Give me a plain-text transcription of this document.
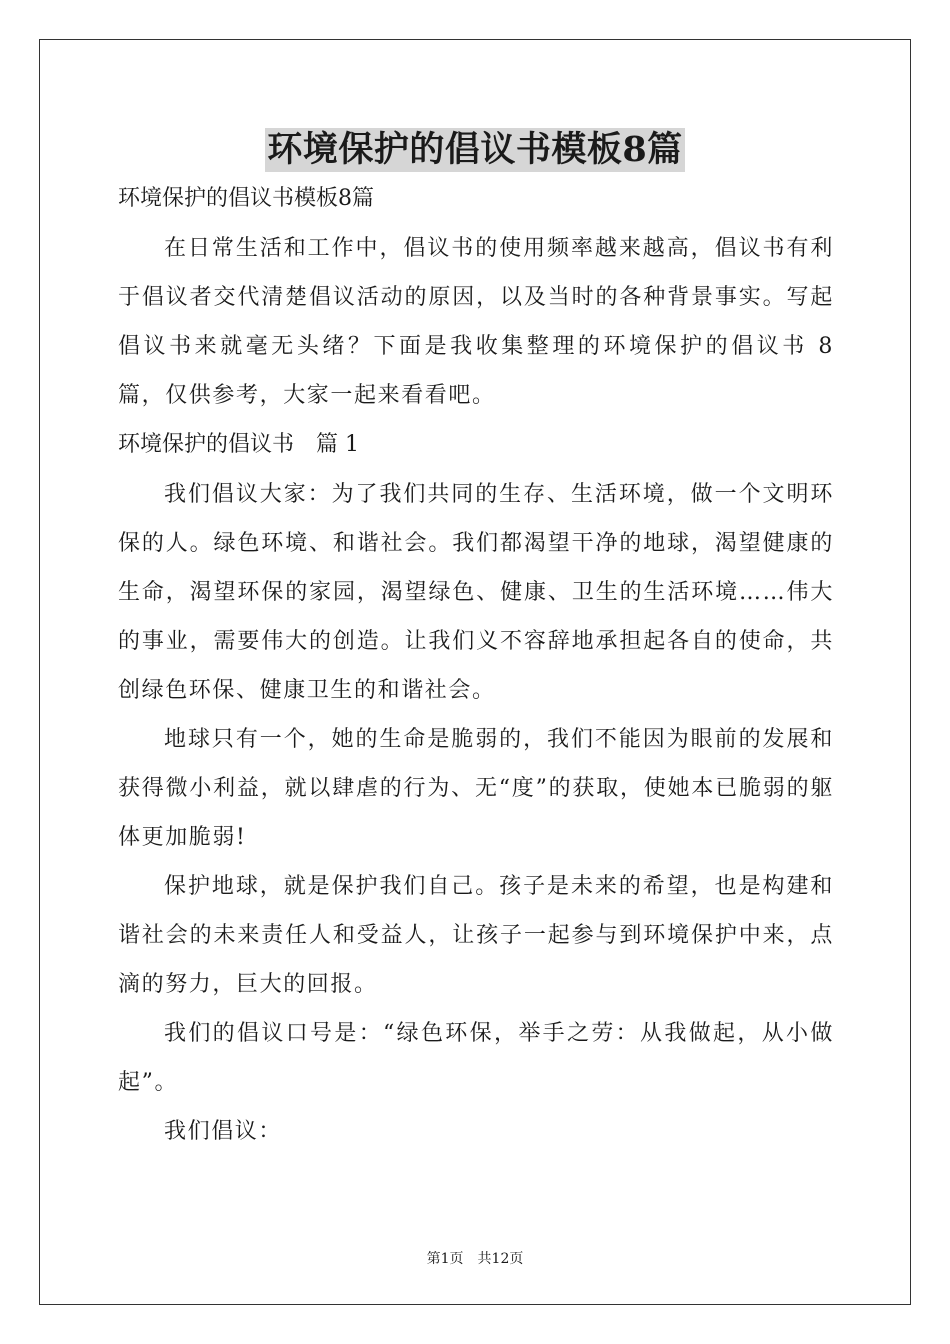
环境保护的倡议书模板8篇

环境保护的倡议书模板8篇

在日常生活和工作中，倡议书的使用频率越来越高，倡议书有利于倡议者交代清楚倡议活动的原因，以及当时的各种背景事实。写起倡议书来就毫无头绪？下面是我收集整理的环境保护的倡议书 8 篇，仅供参考，大家一起来看看吧。

环境保护的倡议书　篇 1

我们倡议大家：为了我们共同的生存、生活环境，做一个文明环保的人。绿色环境、和谐社会。我们都渴望干净的地球，渴望健康的生命，渴望环保的家园，渴望绿色、健康、卫生的生活环境……伟大的事业，需要伟大的创造。让我们义不容辞地承担起各自的使命，共创绿色环保、健康卫生的和谐社会。

地球只有一个，她的生命是脆弱的，我们不能因为眼前的发展和获得微小利益，就以肆虐的行为、无“度”的获取，使她本已脆弱的躯体更加脆弱!

保护地球，就是保护我们自己。孩子是未来的希望，也是构建和谐社会的未来责任人和受益人，让孩子一起参与到环境保护中来，点滴的努力，巨大的回报。

我们的倡议口号是：“绿色环保，举手之劳：从我做起，从小做起”。

我们倡议：

第1页　共12页
